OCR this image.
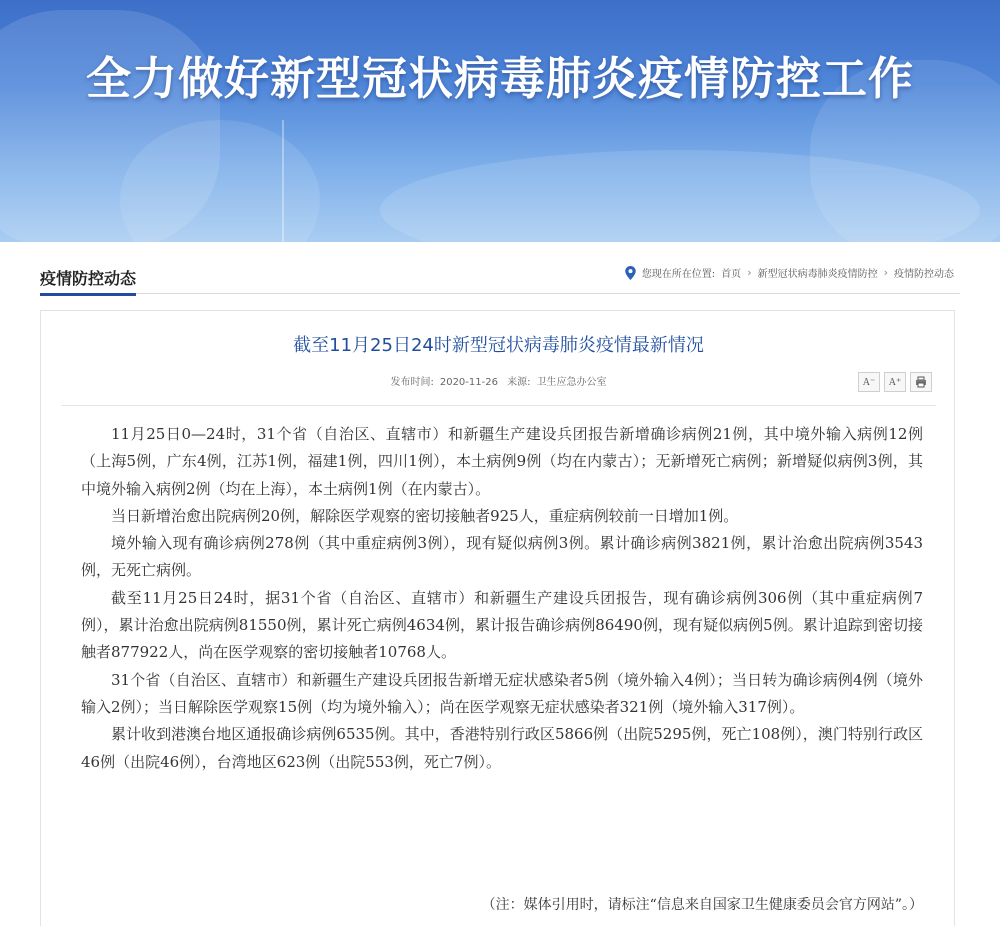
全力做好新型冠状病毒肺炎疫情防控工作
疫情防控动态	您现在所在位置: 首页 › 新型冠状病毒肺炎疫情防控 › 疫情防控动态
截至11月25日24时新型冠状病毒肺炎疫情最新情况
发布时间: 2020-11-26 来源: 卫生应急办公室	A⁻	A⁺

11月25日0—24时，31个省（自治区、直辖市）和新疆生产建设兵团报告新增确诊病例21例，其中境外输入病例12例（上海5例，广东4例，江苏1例，福建1例，四川1例），本土病例9例（均在内蒙古）；无新增死亡病例；新增疑似病例3例，其中境外输入病例2例（均在上海），本土病例1例（在内蒙古）。

当日新增治愈出院病例20例，解除医学观察的密切接触者925人，重症病例较前一日增加1例。

境外输入现有确诊病例278例（其中重症病例3例），现有疑似病例3例。累计确诊病例3821例，累计治愈出院病例3543例，无死亡病例。

截至11月25日24时，据31个省（自治区、直辖市）和新疆生产建设兵团报告，现有确诊病例306例（其中重症病例7例），累计治愈出院病例81550例，累计死亡病例4634例，累计报告确诊病例86490例，现有疑似病例5例。累计追踪到密切接触者877922人，尚在医学观察的密切接触者10768人。

31个省（自治区、直辖市）和新疆生产建设兵团报告新增无症状感染者5例（境外输入4例）；当日转为确诊病例4例（境外输入2例）；当日解除医学观察15例（均为境外输入）；尚在医学观察无症状感染者321例（境外输入317例）。

累计收到港澳台地区通报确诊病例6535例。其中，香港特别行政区5866例（出院5295例，死亡108例），澳门特别行政区46例（出院46例），台湾地区623例（出院553例，死亡7例）。

（注：媒体引用时，请标注“信息来自国家卫生健康委员会官方网站”。）
